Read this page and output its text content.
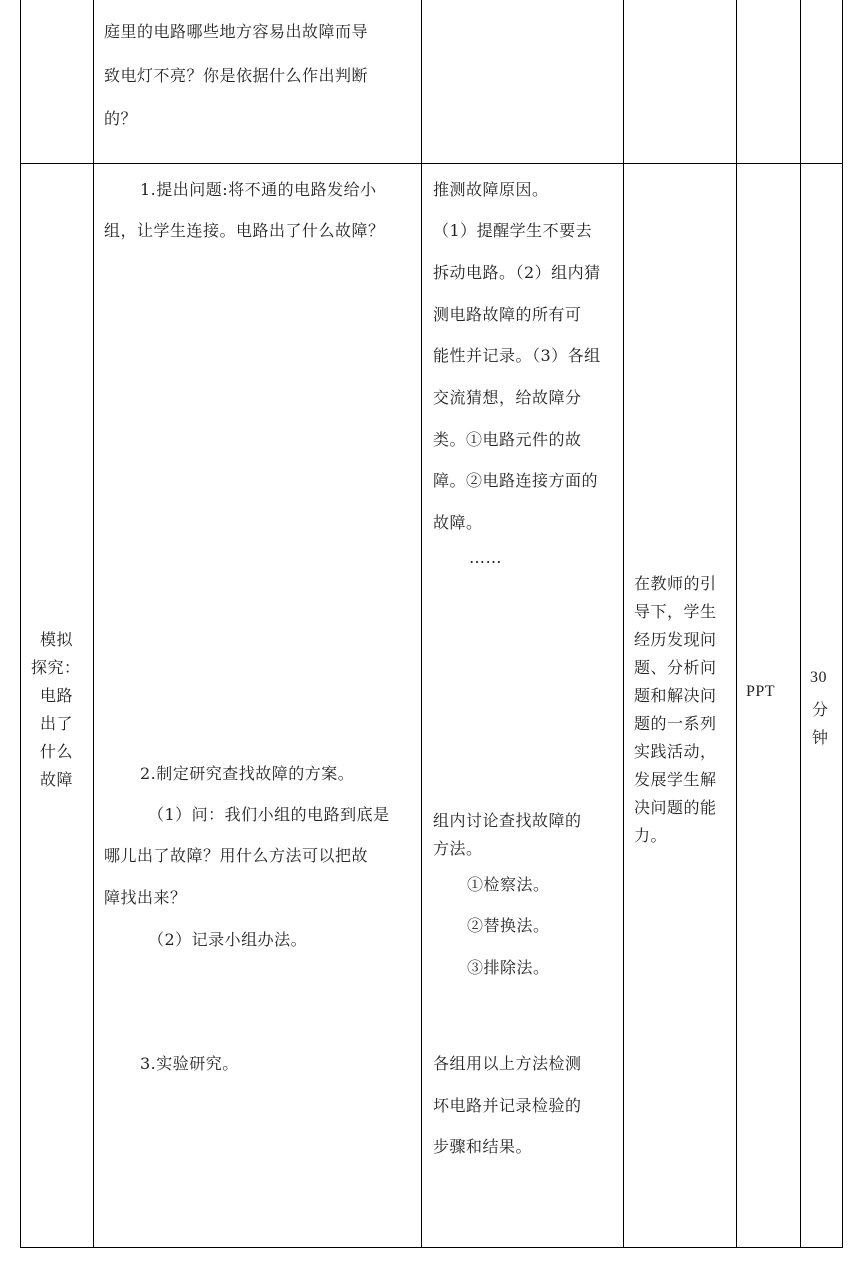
庭里的电路哪些地方容易出故障而导
致电灯不亮？你是依据什么作出判断
的？
模拟
探究：
电路
出了
什么
故障
1.提出问题:将不通的电路发给小
组，让学生连接。电路出了什么故障？
2.制定研究查找故障的方案。
（1）问：我们小组的电路到底是
哪儿出了故障？用什么方法可以把故
障找出来？
（2）记录小组办法。
3.实验研究。
推测故障原因。
（1）提醒学生不要去
拆动电路。（2）组内猜
测电路故障的所有可
能性并记录。（3）各组
交流猜想，给故障分
类。①电路元件的故
障。②电路连接方面的
故障。
……
组内讨论查找故障的
方法。
①检察法。
②替换法。
③排除法。
各组用以上方法检测
坏电路并记录检验的
步骤和结果。
在教师的引
导下，学生
经历发现问
题、分析问
题和解决问
题的一系列
实践活动，
发展学生解
决问题的能
力。
PPT
30
分
钟
